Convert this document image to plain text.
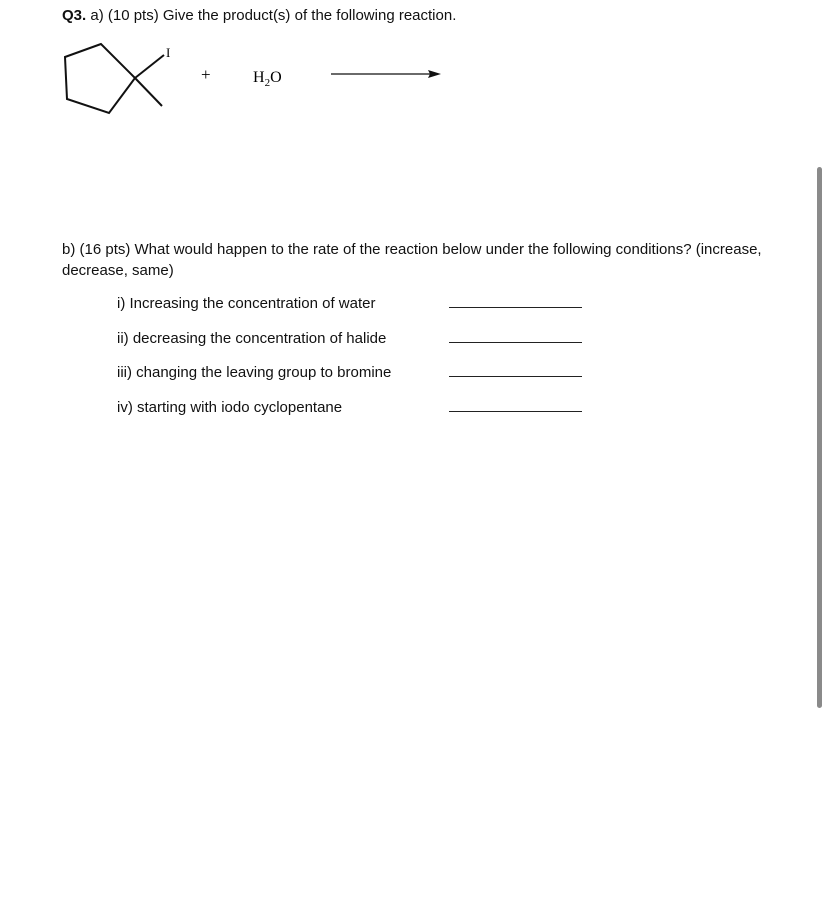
Q3. a) (10 pts) Give the product(s) of the following reaction.
I
+	$H_2O$
b) (16 pts) What would happen to the rate of the reaction below under the following conditions? (increase, decrease, same)
i) Increasing the concentration of water
ii) decreasing the concentration of halide
iii) changing the leaving group to bromine
iv) starting with iodo cyclopentane
